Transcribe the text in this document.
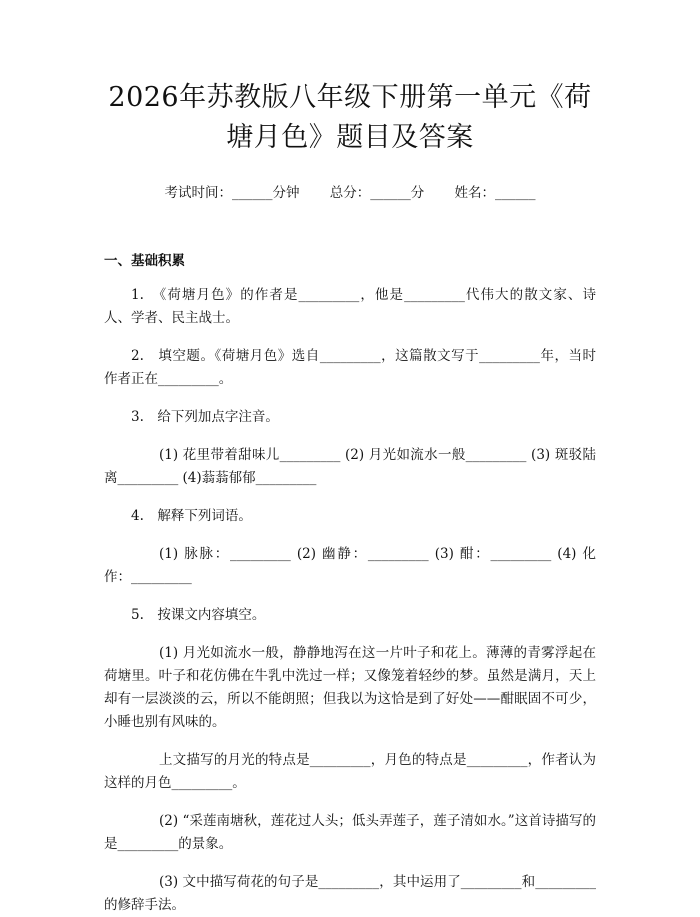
2026年苏教版八年级下册第一单元《荷塘月色》题目及答案
考试时间：______分钟 总分：______分 姓名：______
一、基础积累

1.　《荷塘月色》的作者是_________，他是_________代伟大的散文家、诗人、学者、民主战士。

2.　填空题。《荷塘月色》选自_________，这篇散文写于_________年，当时作者正在_________。

3.　给下列加点字注音。

(1) 花里带着甜味儿_________ (2) 月光如流水一般_________ (3) 斑驳陆离_________ (4)蓊蓊郁郁_________

4.　解释下列词语。

(1) 脉脉：_________ (2) 幽静：_________ (3) 酣：_________ (4) 化作：_________

5.　按课文内容填空。

(1) 月光如流水一般，静静地泻在这一片叶子和花上。薄薄的青雾浮起在荷塘里。叶子和花仿佛在牛乳中洗过一样；又像笼着轻纱的梦。虽然是满月，天上却有一层淡淡的云，所以不能朗照；但我以为这恰是到了好处——酣眠固不可少，小睡也别有风味的。

上文描写的月光的特点是_________，月色的特点是_________，作者认为这样的月色_________。

(2) “采莲南塘秋，莲花过人头；低头弄莲子，莲子清如水。”这首诗描写的是_________的景象。

(3) 文中描写荷花的句子是_________，其中运用了_________和_________的修辞手法。
